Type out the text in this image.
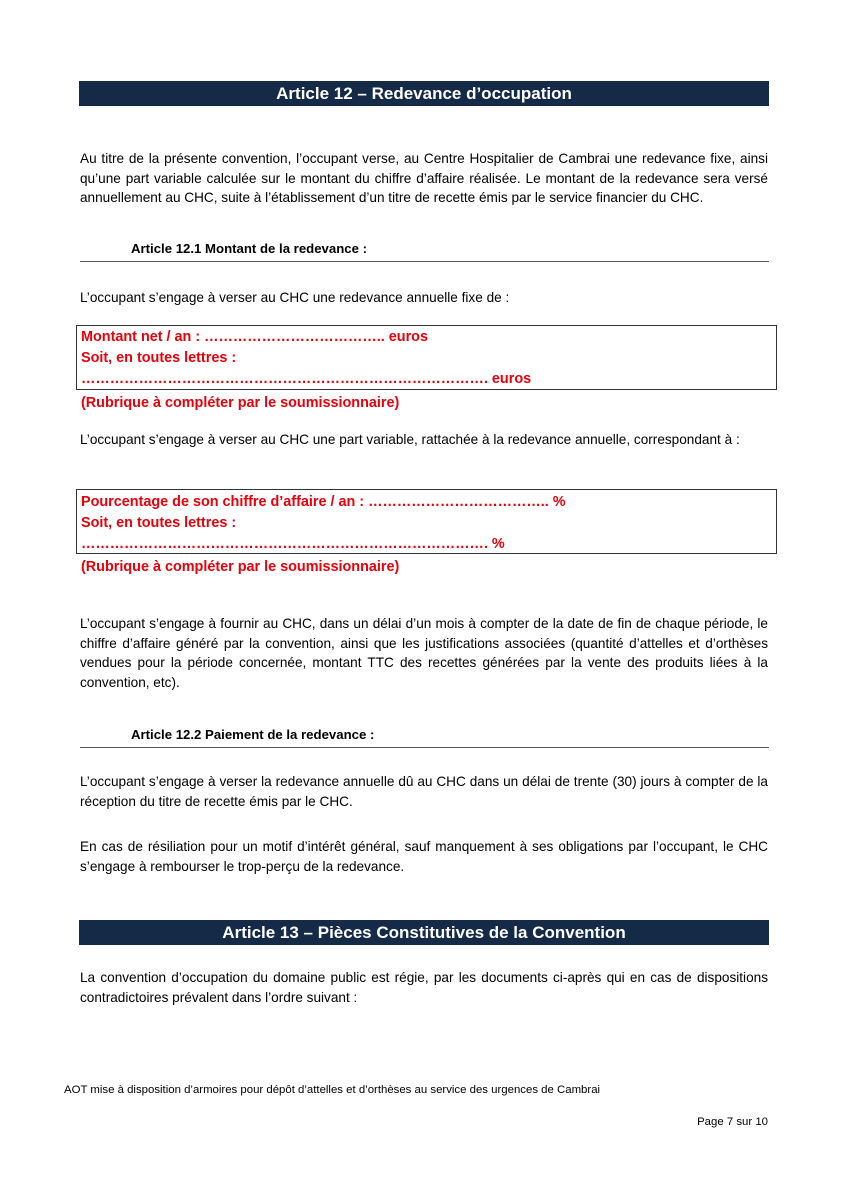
Article 12 – Redevance d’occupation
Au titre de la présente convention, l’occupant verse, au Centre Hospitalier de Cambrai une redevance fixe, ainsi qu’une part variable calculée sur le montant du chiffre d’affaire réalisée. Le montant de la redevance sera versé annuellement au CHC, suite à l’établissement d’un titre de recette émis par le service financier du CHC.
Article 12.1 Montant de la redevance :
L’occupant s’engage à verser au CHC une redevance annuelle fixe de :
Montant net / an : ……………………………….. euros
Soit, en toutes lettres :
…………………………………………………………………………. euros
(Rubrique à compléter par le soumissionnaire)
L’occupant s’engage à verser au CHC une part variable, rattachée à la redevance annuelle, correspondant à :
Pourcentage de son chiffre d’affaire / an : ……………………………….. %
Soit, en toutes lettres :
…………………………………………………………………………. %
(Rubrique à compléter par le soumissionnaire)
L’occupant s’engage à fournir au CHC, dans un délai d’un mois à compter de la date de fin de chaque période, le chiffre d’affaire généré par la convention, ainsi que les justifications associées (quantité d’attelles et d’orthèses vendues pour la période concernée, montant TTC des recettes générées par la vente des produits liées à la convention, etc).
Article 12.2 Paiement de la redevance :
L’occupant s’engage à verser la redevance annuelle dû au CHC dans un délai de trente (30) jours à compter de la réception du titre de recette émis par le CHC.
En cas de résiliation pour un motif d’intérêt général, sauf manquement à ses obligations par l’occupant, le CHC s’engage à rembourser le trop-perçu de la redevance.
Article 13 – Pièces Constitutives de la Convention
La convention d’occupation du domaine public est régie, par les documents ci-après qui en cas de dispositions contradictoires prévalent dans l’ordre suivant :
AOT mise à disposition d’armoires pour dépôt d’attelles et d’orthèses au service des urgences de Cambrai
Page 7 sur 10
